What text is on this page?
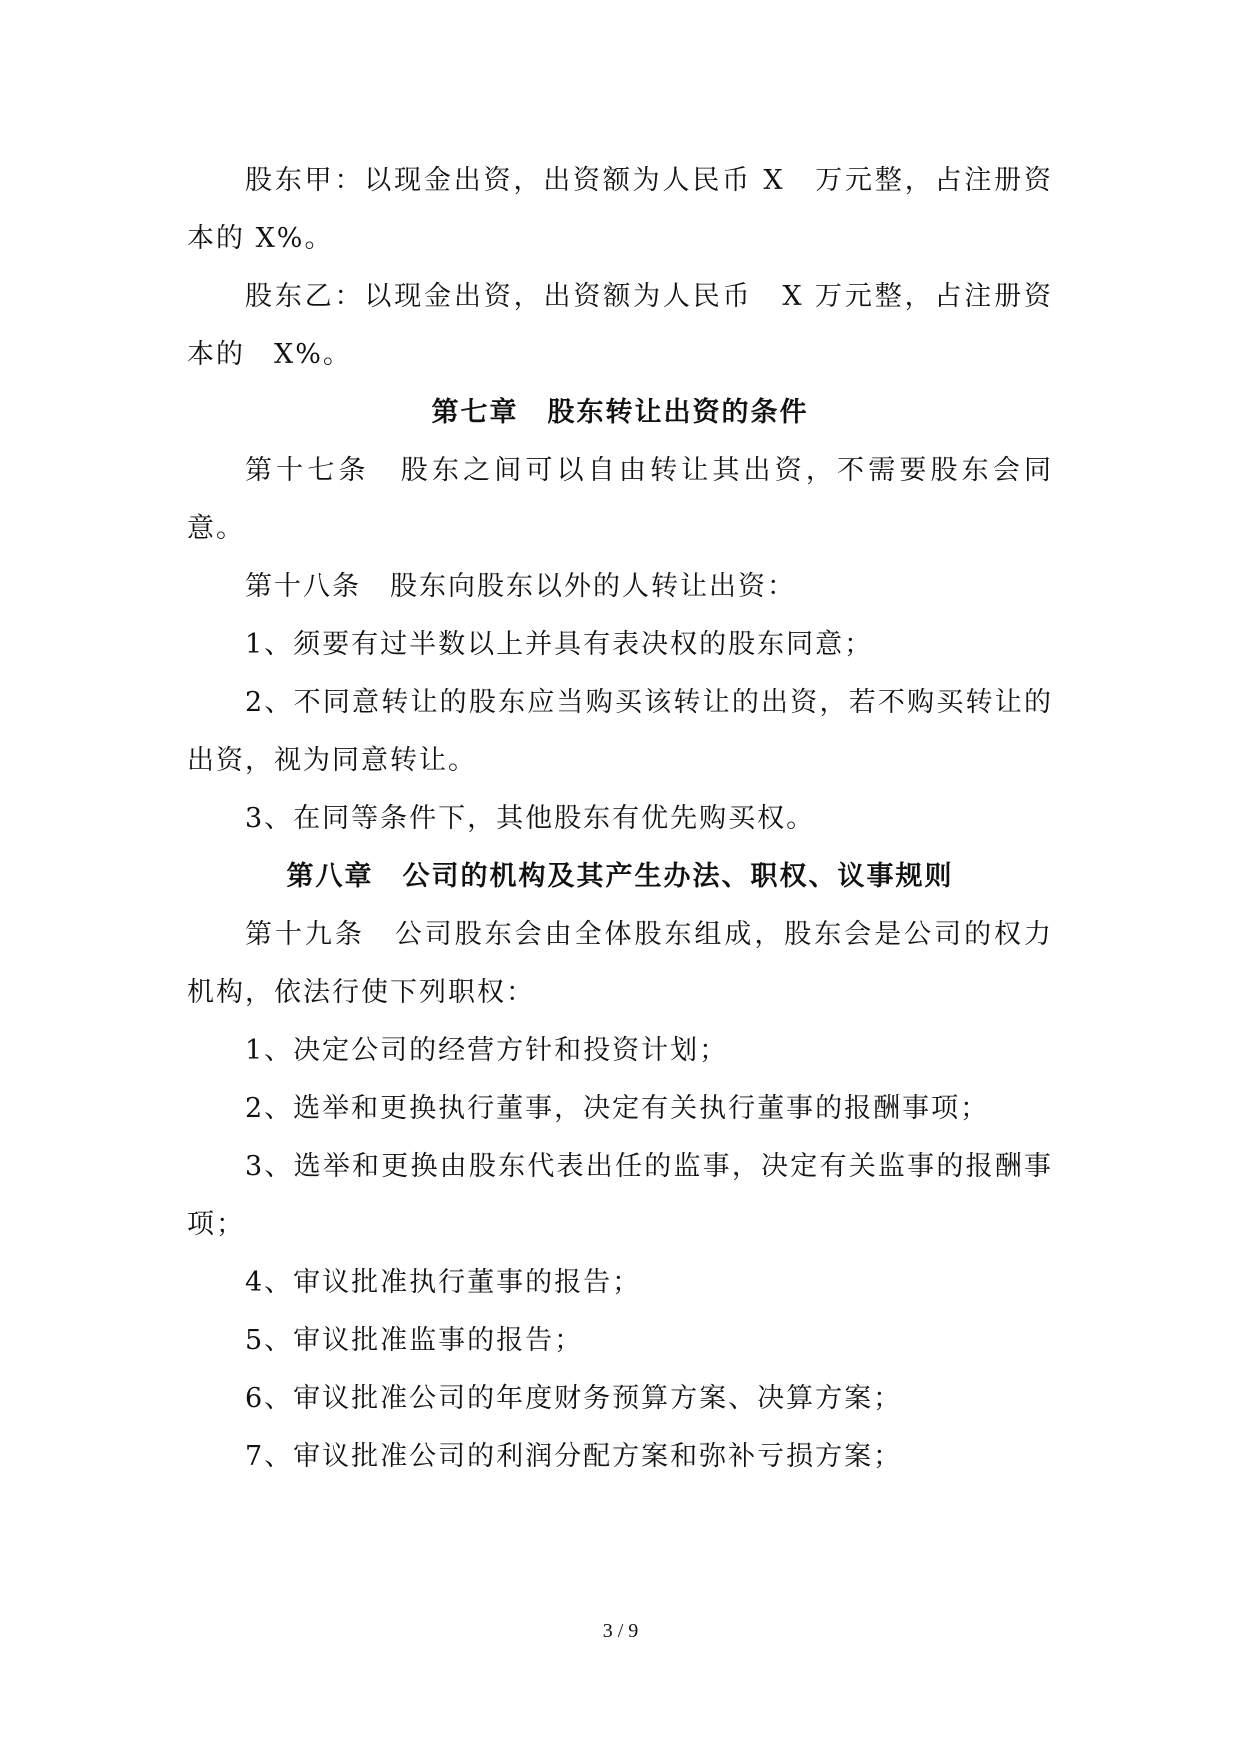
股东甲：以现金出资，出资额为人民币 X　万元整，占注册资本的 X%。

股东乙：以现金出资，出资额为人民币　X 万元整，占注册资本的　X%。

第七章　股东转让出资的条件

第十七条　股东之间可以自由转让其出资，不需要股东会同意。

第十八条　股东向股东以外的人转让出资：

1、须要有过半数以上并具有表决权的股东同意；

2、不同意转让的股东应当购买该转让的出资，若不购买转让的出资，视为同意转让。

3、在同等条件下，其他股东有优先购买权。

第八章　公司的机构及其产生办法、职权、议事规则

第十九条　公司股东会由全体股东组成，股东会是公司的权力机构，依法行使下列职权：

1、决定公司的经营方针和投资计划；

2、选举和更换执行董事，决定有关执行董事的报酬事项；

3、选举和更换由股东代表出任的监事，决定有关监事的报酬事项；

4、审议批准执行董事的报告；

5、审议批准监事的报告；

6、审议批准公司的年度财务预算方案、决算方案；

7、审议批准公司的利润分配方案和弥补亏损方案；

3 / 9
